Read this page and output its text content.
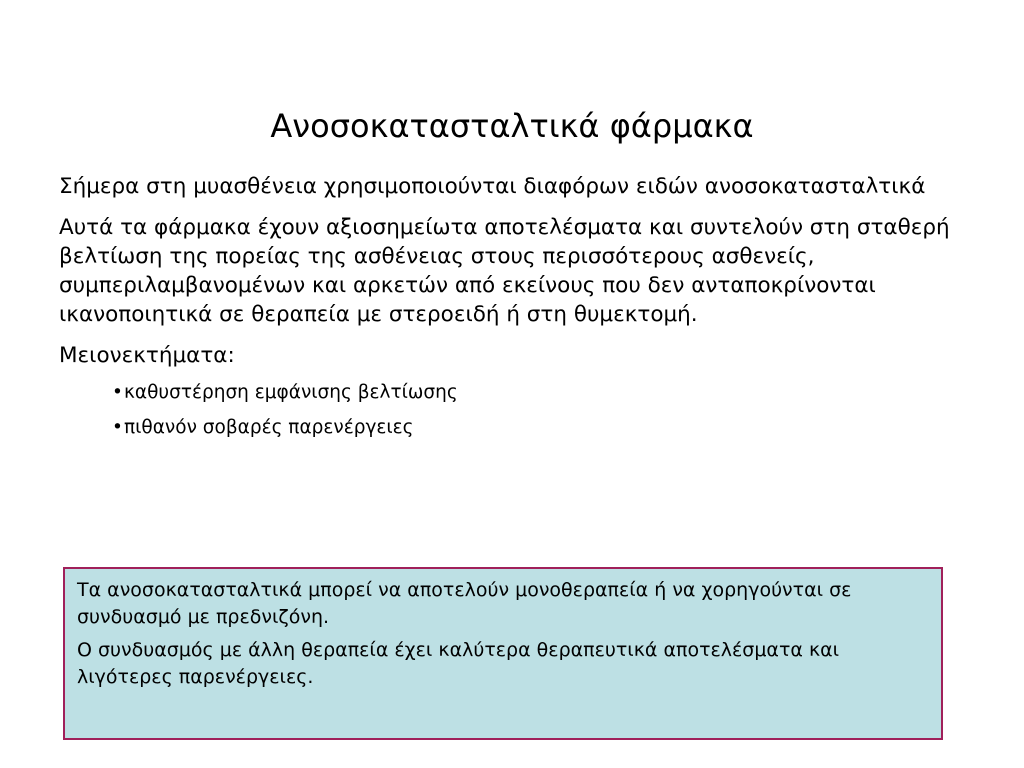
Ανοσοκατασταλτικά φάρμακα

Σήμερα στη μυασθένεια χρησιμοποιούνται διαφόρων ειδών ανοσοκατασταλτικά

Αυτά τα φάρμακα έχουν αξιοσημείωτα αποτελέσματα και συντελούν στη σταθερή βελτίωση της πορείας της ασθένειας στους περισσότερους ασθενείς, συμπεριλαμβανομένων και αρκετών από εκείνους που δεν ανταποκρίνονται ικανοποιητικά σε θεραπεία με στεροειδή ή στη θυμεκτομή.

Μειονεκτήματα:

•καθυστέρηση εμφάνισης βελτίωσης
•πιθανόν σοβαρές παρενέργειες

Τα ανοσοκατασταλτικά μπορεί να αποτελούν μονοθεραπεία ή να χορηγούνται σε συνδυασμό με πρεδνιζόνη.

Ο συνδυασμός με άλλη θεραπεία έχει καλύτερα θεραπευτικά αποτελέσματα και λιγότερες παρενέργειες.
